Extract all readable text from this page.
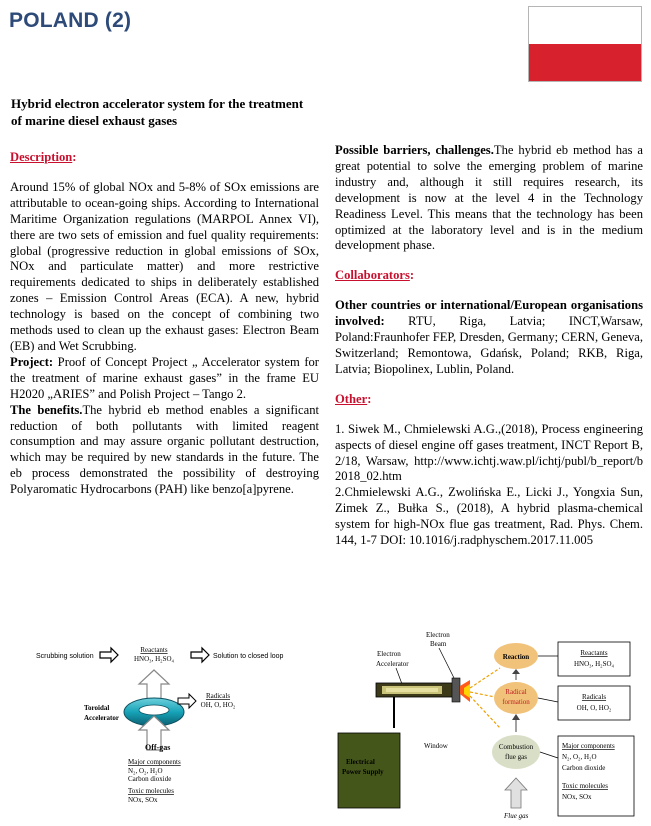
POLAND (2)
Hybrid electron accelerator system for the treatment of marine diesel exhaust gases

Description:

Around 15% of global NOx and 5-8% of SOx emissions are attributable to ocean-going ships. According to International Maritime Organization regulations (MARPOL Annex VI), there are two sets of emission and fuel quality requirements: global (progressive reduction in global emissions of SOx, NOx and particulate matter) and more restrictive requirements dedicated to ships in deliberately established zones – Emission Control Areas (ECA). A new, hybrid technology is based on the concept of combining two methods used to clean up the exhaust gases: Electron Beam (EB) and Wet Scrubbing.

Project: Proof of Concept Project „ Accelerator system for the treatment of marine exhaust gases” in the frame EU H2020 „ARIES” and Polish Project – Tango 2.

The benefits.The hybrid eb method enables a significant reduction of both pollutants with limited reagent consumption and may assure organic pollutant destruction, which may be required by new standards in the future. The eb process demonstrated the possibility of destroying Polyaromatic Hydrocarbons (PAH) like benzo[a]pyrene.

Possible barriers, challenges.The hybrid eb method has a great potential to solve the emerging problem of marine industry and, although it still requires research, its development is now at the level 4 in the Technology Readiness Level. This means that the technology has been optimized at the laboratory level and is in the medium development phase.

Collaborators:

Other countries or international/European organisations involved: RTU, Riga, Latvia; INCT,Warsaw, Poland:Fraunhofer FEP, Dresden, Germany; CERN, Geneva, Switzerland; Remontowa, Gdańsk, Poland; RKB, Riga, Latvia; Biopolinex, Lublin, Poland.

Other:

1. Siwek M., Chmielewski A.G.,(2018), Process engineering aspects of diesel engine off gases treatment, INCT Report B, 2/18, Warsaw, http://www.ichtj.waw.pl/ichtj/publ/b_report/b2018_02.htm

2.Chmielewski A.G., Zwolińska E., Licki J., Yongxia Sun, Zimek Z., Bułka S., (2018), A hybrid plasma-chemical system for high-NOx flue gas treatment, Rad. Phys. Chem. 144, 1-7 DOI: 10.1016/j.radphyschem.2017.11.005

Scrubbing solution
Reactants
HNO₃, H₂SO₄	Solution to closed loop
Radicals
OH, O, HO₂
Toroidal
Accelerator
Off-gas
Major components
N₂, O₂, H₂O
Carbon dioxide
Toxic molecules
NOx, SOx
Electron
Beam
Electron
Accelerator
Electrical
Power Supply
Window
Reaction
Radical
formation
Combustion
flue gas
Flue gas
Reactants
HNO₃, H₂SO₄
Radicals
OH, O, HO₂
Major components
N₂, O₂, H₂O
Carbon dioxide
Toxic molecules
NOx, SOx
